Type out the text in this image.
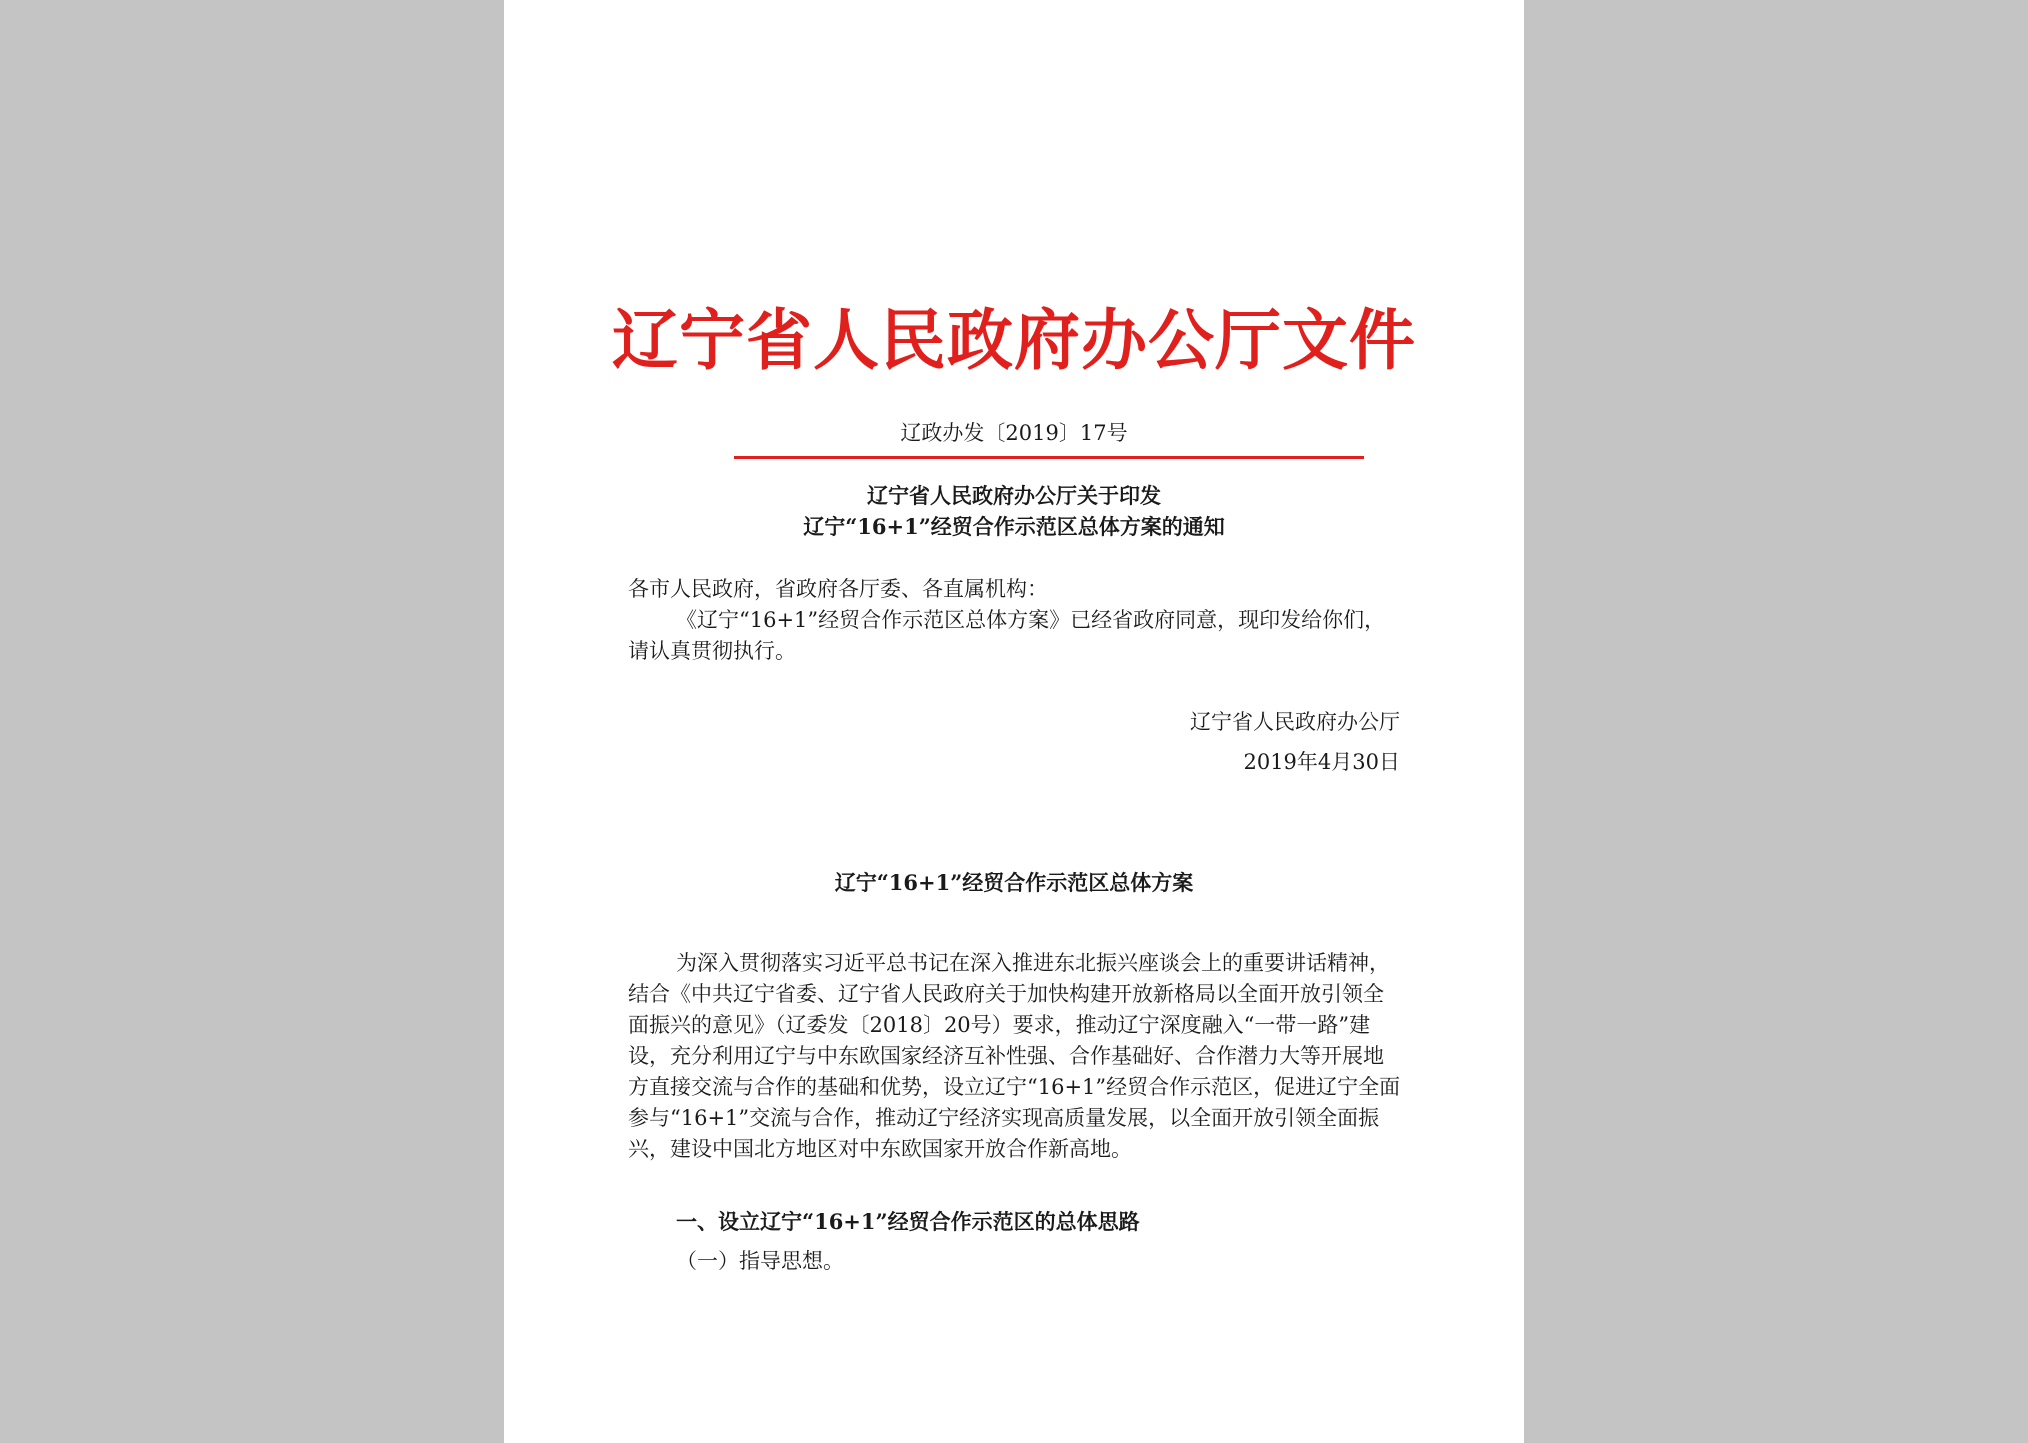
辽宁省人民政府办公厅文件
辽政办发〔2019〕17号
辽宁省人民政府办公厅关于印发
辽宁“16+1”经贸合作示范区总体方案的通知

各市人民政府，省政府各厅委、各直属机构：

《辽宁“16+1”经贸合作示范区总体方案》已经省政府同意，现印发给你们，请认真贯彻执行。

辽宁省人民政府办公厅
2019年4月30日
辽宁“16+1”经贸合作示范区总体方案

为深入贯彻落实习近平总书记在深入推进东北振兴座谈会上的重要讲话精神，结合《中共辽宁省委、辽宁省人民政府关于加快构建开放新格局以全面开放引领全面振兴的意见》（辽委发〔2018〕20号）要求，推动辽宁深度融入“一带一路”建设，充分利用辽宁与中东欧国家经济互补性强、合作基础好、合作潜力大等开展地方直接交流与合作的基础和优势，设立辽宁“16+1”经贸合作示范区，促进辽宁全面参与“16+1”交流与合作，推动辽宁经济实现高质量发展，以全面开放引领全面振兴，建设中国北方地区对中东欧国家开放合作新高地。

一、设立辽宁“16+1”经贸合作示范区的总体思路
（一）指导思想。
